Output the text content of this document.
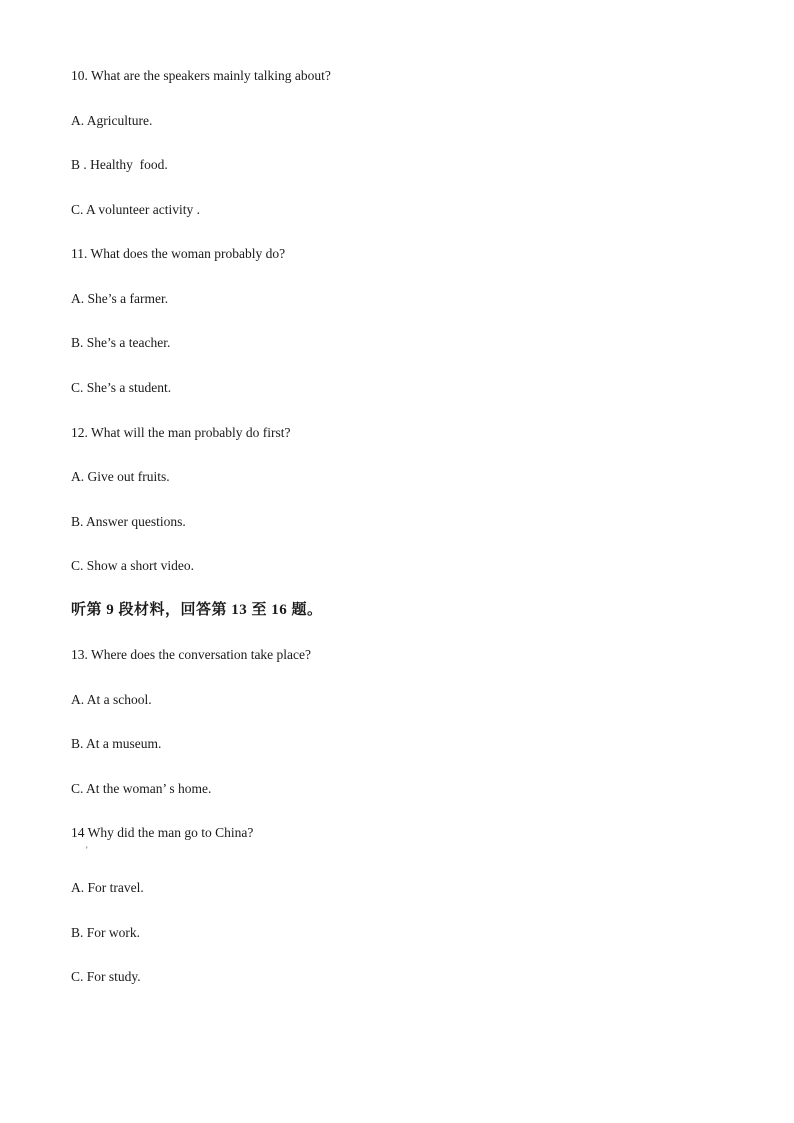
10. What are the speakers mainly talking about?
A. Agriculture.
B . Healthy  food.
C. A volunteer activity .
11. What does the woman probably do?
A. She’s a farmer.
B. She’s a teacher.
C. She’s a student.
12. What will the man probably do first?
A. Give out fruits.
B. Answer questions.
C. Show a short video.
听第 9 段材料，回答第 13 至 16 题。
13. Where does the conversation take place?
A. At a school.
B. At a museum.
C. At the woman’ s home.
14 Why did the man go to China?
'
A. For travel.
B. For work.
C. For study.
